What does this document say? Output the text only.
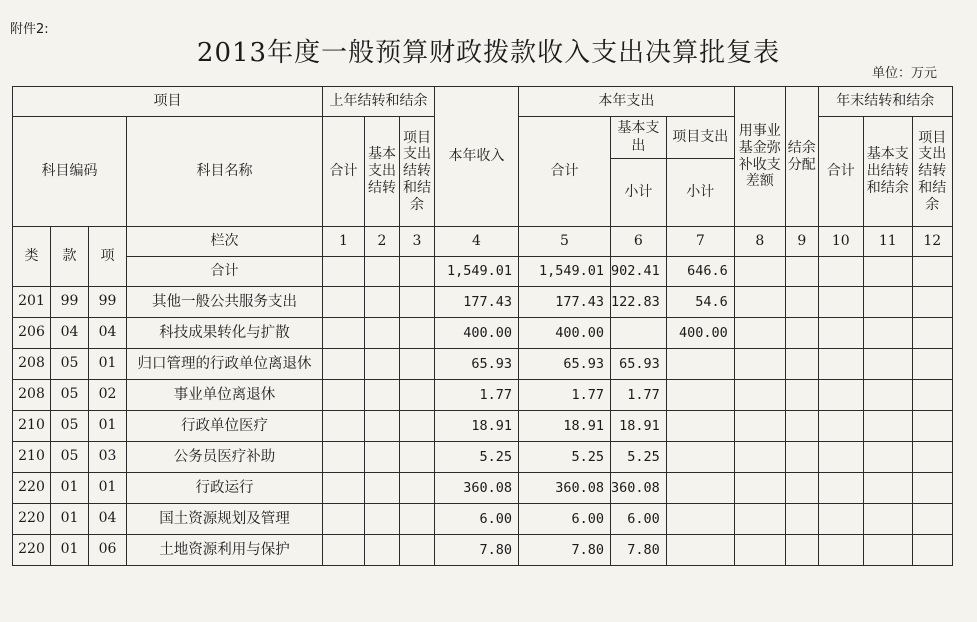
附件2:
2013年度一般预算财政拨款收入支出决算批复表
单位：万元
项目				上年结转和结余			本年收入	本年支出			用事业基金弥补收支差额	结余分配	年末结转和结余		
科目编码			科目名称	合计	基本支出结转	项目支出结转和结余		合计	基本支出	项目支出			合计	基本支出结转和结余	项目支出结转和结余
									小计	小计					
类	款	项	栏次	1	2	3	4	5	6	7	8	9	10	11	12
			合计				1,549.01	1,549.01	902.41	646.6					
201	99	99	其他一般公共服务支出				177.43	177.43	122.83	54.6					
206	04	04	科技成果转化与扩散				400.00	400.00		400.00					
208	05	01	归口管理的行政单位离退休				65.93	65.93	65.93						
208	05	02	事业单位离退休				1.77	1.77	1.77						
210	05	01	行政单位医疗				18.91	18.91	18.91						
210	05	03	公务员医疗补助				5.25	5.25	5.25						
220	01	01	行政运行				360.08	360.08	360.08						
220	01	04	国土资源规划及管理				6.00	6.00	6.00						
220	01	06	土地资源利用与保护				7.80	7.80	7.80						
